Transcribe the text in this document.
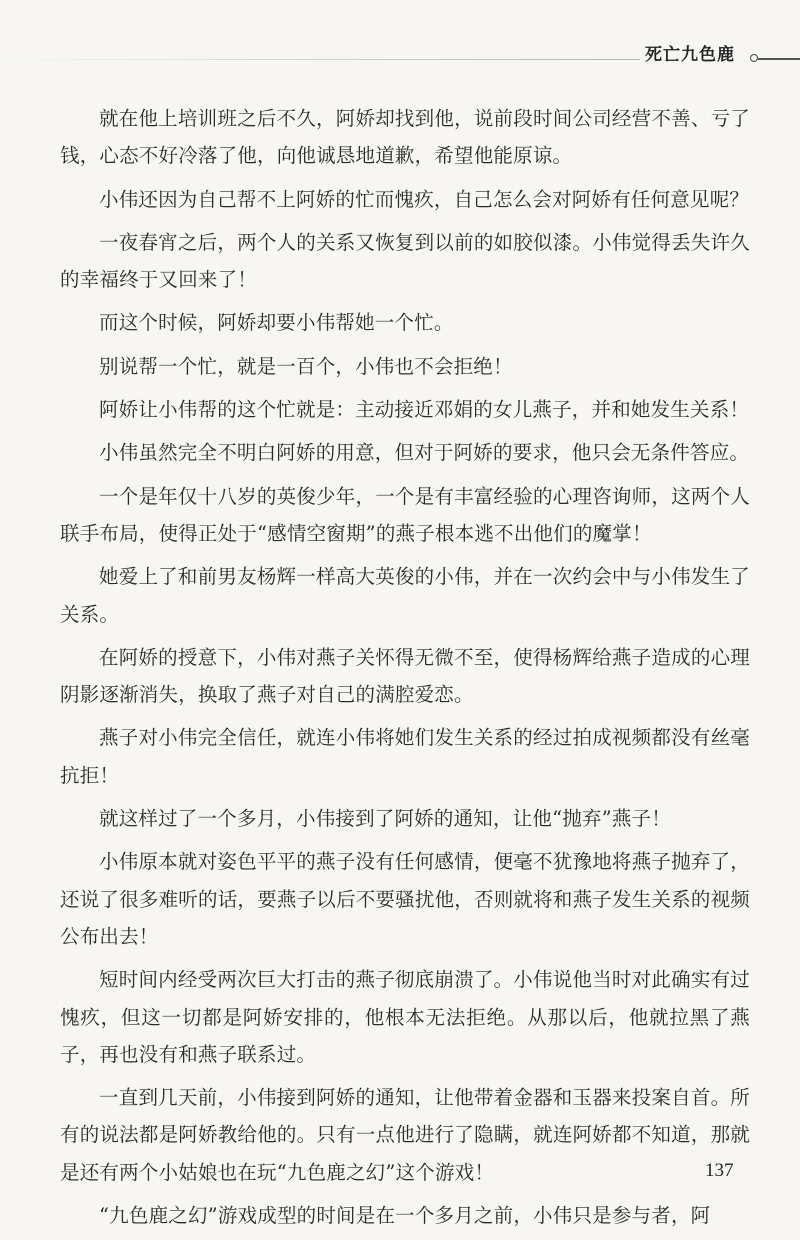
死亡九色鹿

就在他上培训班之后不久，阿娇却找到他，说前段时间公司经营不善、亏了钱，心态不好冷落了他，向他诚恳地道歉，希望他能原谅。

小伟还因为自己帮不上阿娇的忙而愧疚，自己怎么会对阿娇有任何意见呢？

一夜春宵之后，两个人的关系又恢复到以前的如胶似漆。小伟觉得丢失许久的幸福终于又回来了！

而这个时候，阿娇却要小伟帮她一个忙。

别说帮一个忙，就是一百个，小伟也不会拒绝！

阿娇让小伟帮的这个忙就是：主动接近邓娟的女儿燕子，并和她发生关系！

小伟虽然完全不明白阿娇的用意，但对于阿娇的要求，他只会无条件答应。

一个是年仅十八岁的英俊少年，一个是有丰富经验的心理咨询师，这两个人联手布局，使得正处于“感情空窗期”的燕子根本逃不出他们的魔掌！

她爱上了和前男友杨辉一样高大英俊的小伟，并在一次约会中与小伟发生了关系。

在阿娇的授意下，小伟对燕子关怀得无微不至，使得杨辉给燕子造成的心理阴影逐渐消失，换取了燕子对自己的满腔爱恋。

燕子对小伟完全信任，就连小伟将她们发生关系的经过拍成视频都没有丝毫抗拒！

就这样过了一个多月，小伟接到了阿娇的通知，让他“抛弃”燕子！

小伟原本就对姿色平平的燕子没有任何感情，便毫不犹豫地将燕子抛弃了，还说了很多难听的话，要燕子以后不要骚扰他，否则就将和燕子发生关系的视频公布出去！

短时间内经受两次巨大打击的燕子彻底崩溃了。小伟说他当时对此确实有过愧疚，但这一切都是阿娇安排的，他根本无法拒绝。从那以后，他就拉黑了燕子，再也没有和燕子联系过。

一直到几天前，小伟接到阿娇的通知，让他带着金器和玉器来投案自首。所有的说法都是阿娇教给他的。只有一点他进行了隐瞒，就连阿娇都不知道，那就是还有两个小姑娘也在玩“九色鹿之幻”这个游戏！

“九色鹿之幻”游戏成型的时间是在一个多月之前，小伟只是参与者，阿

137
